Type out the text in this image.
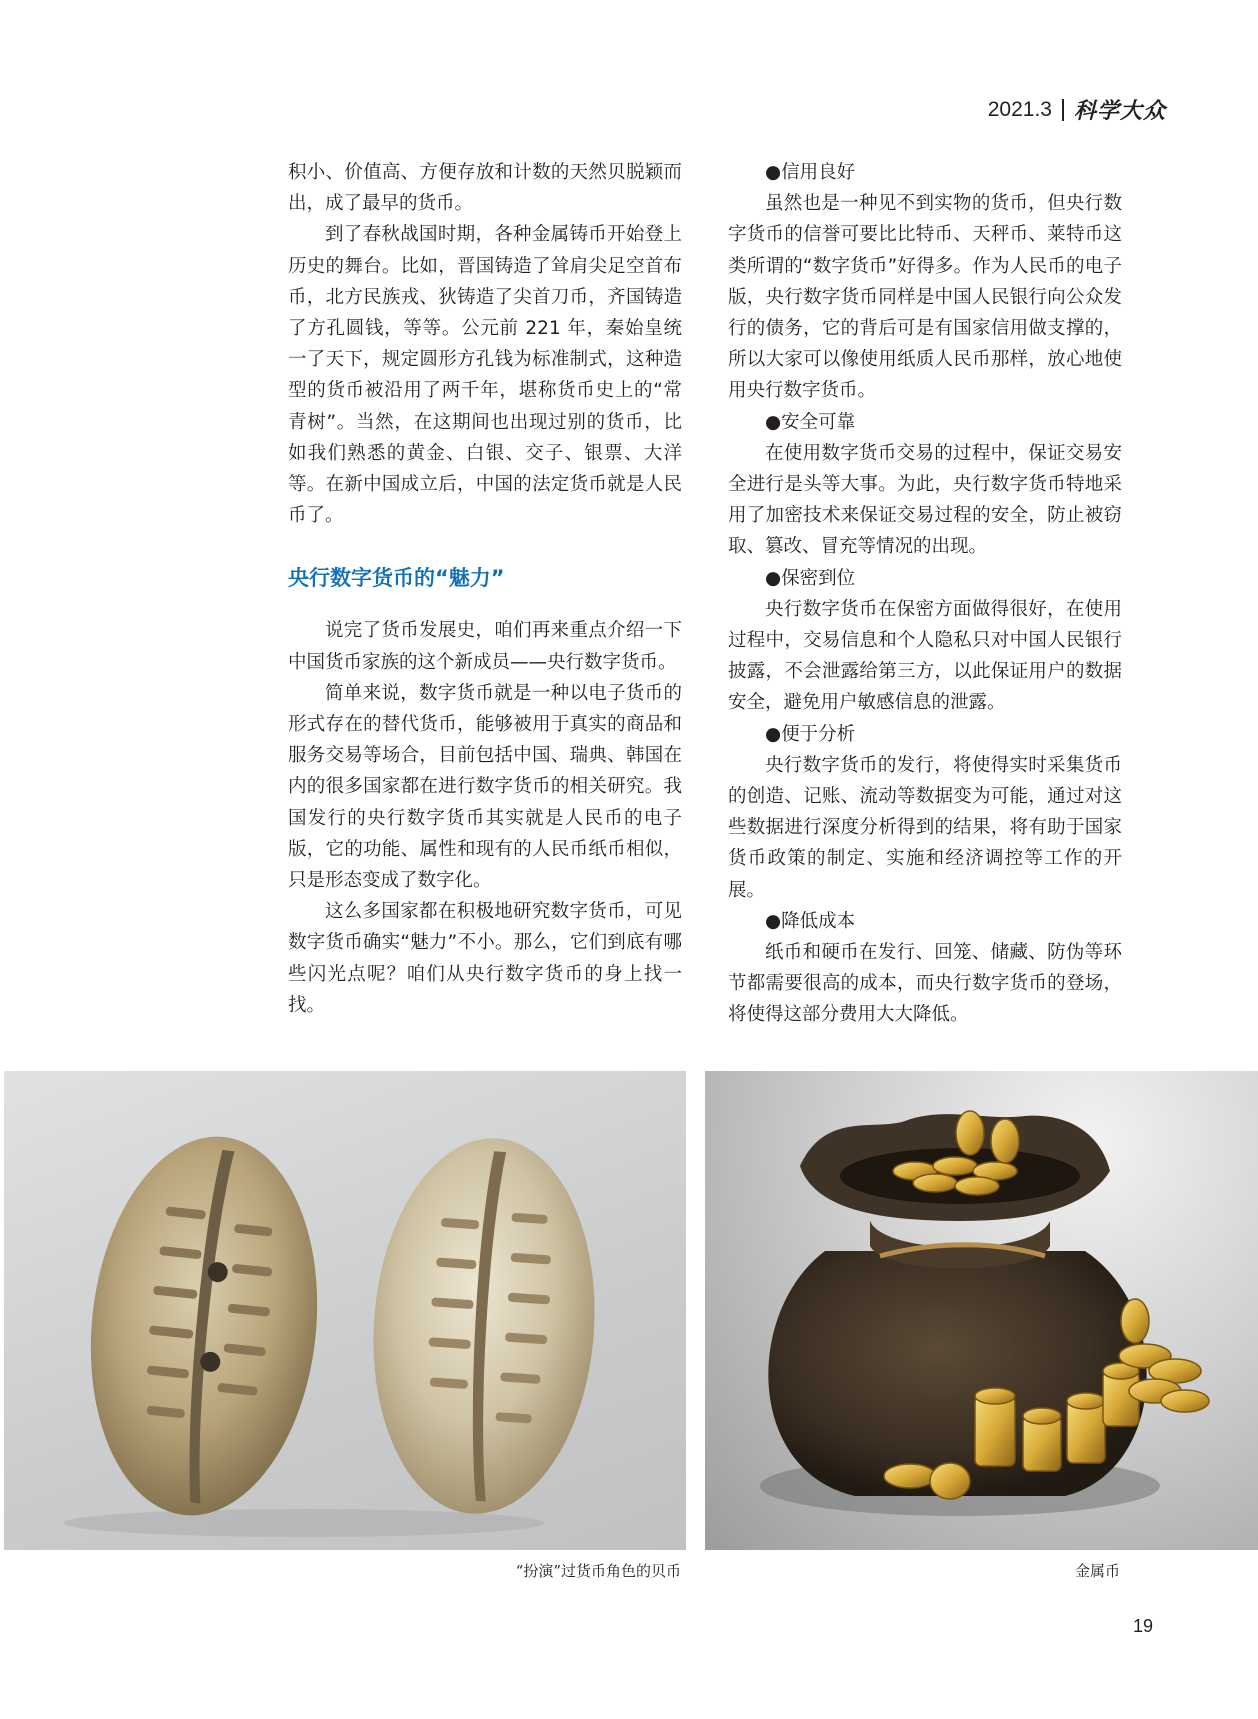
2021.3 科学大众

积小、价值高、方便存放和计数的天然贝脱颖而出，成了最早的货币。

到了春秋战国时期，各种金属铸币开始登上历史的舞台。比如，晋国铸造了耸肩尖足空首布币，北方民族戎、狄铸造了尖首刀币，齐国铸造了方孔圆钱，等等。公元前 221 年，秦始皇统一了天下，规定圆形方孔钱为标准制式，这种造型的货币被沿用了两千年，堪称货币史上的“常青树”。当然，在这期间也出现过别的货币，比如我们熟悉的黄金、白银、交子、银票、大洋等。在新中国成立后，中国的法定货币就是人民币了。

央行数字货币的“魅力”

说完了货币发展史，咱们再来重点介绍一下中国货币家族的这个新成员——央行数字货币。

简单来说，数字货币就是一种以电子货币的形式存在的替代货币，能够被用于真实的商品和服务交易等场合，目前包括中国、瑞典、韩国在内的很多国家都在进行数字货币的相关研究。我国发行的央行数字货币其实就是人民币的电子版，它的功能、属性和现有的人民币纸币相似，只是形态变成了数字化。

这么多国家都在积极地研究数字货币，可见数字货币确实“魅力”不小。那么，它们到底有哪些闪光点呢？咱们从央行数字货币的身上找一找。

●信用良好

虽然也是一种见不到实物的货币，但央行数字货币的信誉可要比比特币、天秤币、莱特币这类所谓的“数字货币”好得多。作为人民币的电子版，央行数字货币同样是中国人民银行向公众发行的债务，它的背后可是有国家信用做支撑的，所以大家可以像使用纸质人民币那样，放心地使用央行数字货币。

●安全可靠

在使用数字货币交易的过程中，保证交易安全进行是头等大事。为此，央行数字货币特地采用了加密技术来保证交易过程的安全，防止被窃取、篡改、冒充等情况的出现。

●保密到位

央行数字货币在保密方面做得很好，在使用过程中，交易信息和个人隐私只对中国人民银行披露，不会泄露给第三方，以此保证用户的数据安全，避免用户敏感信息的泄露。

●便于分析

央行数字货币的发行，将使得实时采集货币的创造、记账、流动等数据变为可能，通过对这些数据进行深度分析得到的结果，将有助于国家货币政策的制定、实施和经济调控等工作的开展。

●降低成本

纸币和硬币在发行、回笼、储藏、防伪等环节都需要很高的成本，而央行数字货币的登场，将使得这部分费用大大降低。

“扮演”过货币角色的贝币	金属币
19
